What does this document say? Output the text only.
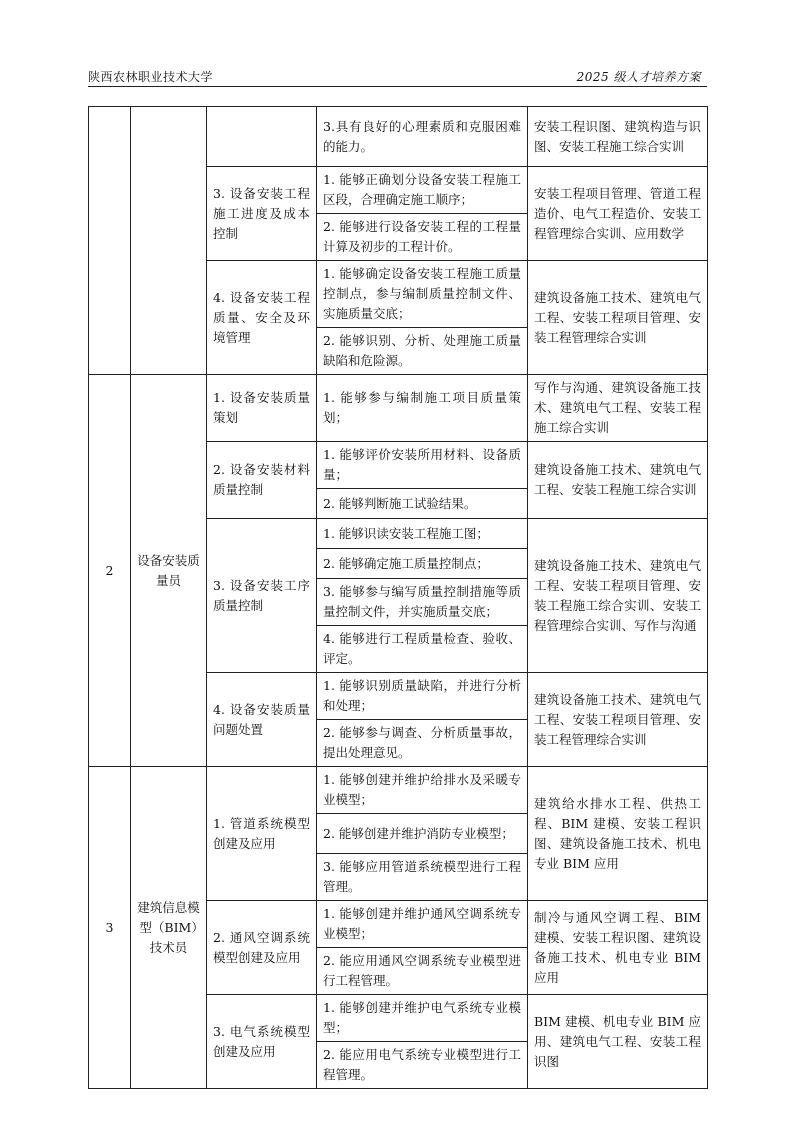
陕西农林职业技术大学	2025 级人才培养方案
			3.具有良好的心理素质和克服困难的能力。	安装工程识图、建筑构造与识图、安装工程施工综合实训
		3. 设备安装工程施工进度及成本控制	1. 能够正确划分设备安装工程施工区段，合理确定施工顺序；	安装工程项目管理、管道工程造价、电气工程造价、安装工程管理综合实训、应用数学
			2. 能够进行设备安装工程的工程量计算及初步的工程计价。	
		4. 设备安装工程质量、安全及环境管理	1. 能够确定设备安装工程施工质量控制点，参与编制质量控制文件、实施质量交底；	建筑设备施工技术、建筑电气工程、安装工程项目管理、安装工程管理综合实训
			2. 能够识别、分析、处理施工质量缺陷和危险源。	

2	设备安装质量员	1. 设备安装质量策划	1. 能够参与编制施工项目质量策划；	写作与沟通、建筑设备施工技术、建筑电气工程、安装工程施工综合实训
		2. 设备安装材料质量控制	1. 能够评价安装所用材料、设备质量；	建筑设备施工技术、建筑电气工程、安装工程施工综合实训
			2. 能够判断施工试验结果。	
		3. 设备安装工序质量控制	1. 能够识读安装工程施工图；	建筑设备施工技术、建筑电气工程、安装工程项目管理、安装工程施工综合实训、安装工程管理综合实训、写作与沟通
			2. 能够确定施工质量控制点；	
			3. 能够参与编写质量控制措施等质量控制文件，并实施质量交底；	
			4. 能够进行工程质量检查、验收、评定。	
		4. 设备安装质量问题处置	1. 能够识别质量缺陷，并进行分析和处理；	建筑设备施工技术、建筑电气工程、安装工程项目管理、安装工程管理综合实训
			2. 能够参与调查、分析质量事故，提出处理意见。	

3	建筑信息模型（BIM）技术员	1. 管道系统模型创建及应用	1. 能够创建并维护给排水及采暖专业模型；	建筑给水排水工程、供热工程、BIM 建模、安装工程识图、建筑设备施工技术、机电专业 BIM 应用
			2. 能够创建并维护消防专业模型；	
			3. 能够应用管道系统模型进行工程管理。	
		2. 通风空调系统模型创建及应用	1. 能够创建并维护通风空调系统专业模型；	制冷与通风空调工程、BIM 建模、安装工程识图、建筑设备施工技术、机电专业 BIM 应用
			2. 能应用通风空调系统专业模型进行工程管理。	
		3. 电气系统模型创建及应用	1. 能够创建并维护电气系统专业模型；	BIM 建模、机电专业 BIM 应用、建筑电气工程、安装工程识图
			2. 能应用电气系统专业模型进行工程管理。	
